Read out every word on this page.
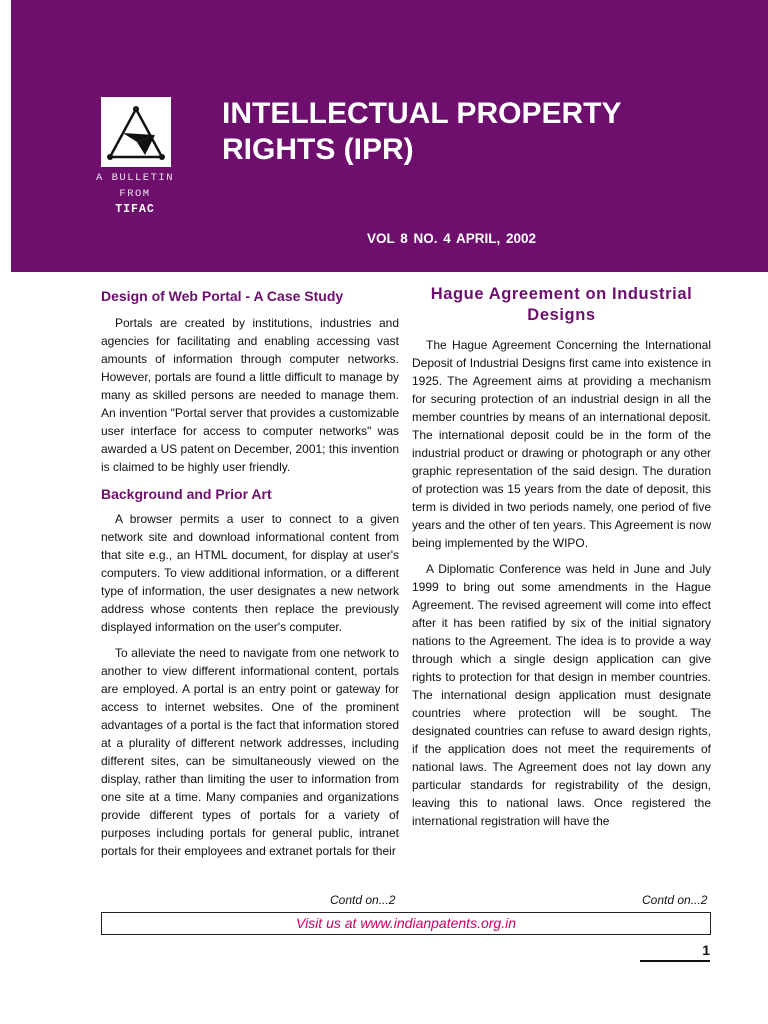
A BULLETIN
FROM
TIFAC
INTELLECTUAL PROPERTY RIGHTS (IPR)
VOL 8 NO. 4 APRIL, 2002
Design of Web Portal - A Case Study

Portals are created by institutions, industries and agencies for facilitating and enabling accessing vast amounts of information through computer networks. However, portals are found a little difficult to manage by many as skilled persons are needed to manage them. An invention "Portal server that provides a customizable user interface for access to computer networks" was awarded a US patent on December, 2001; this invention is claimed to be highly user friendly.

Background and Prior Art

A browser permits a user to connect to a given network site and download informational content from that site e.g., an HTML document, for display at user's computers. To view additional information, or a different type of information, the user designates a new network address whose contents then replace the previously displayed information on the user's computer.

To alleviate the need to navigate from one network to another to view different informational content, portals are employed. A portal is an entry point or gateway for access to internet websites. One of the prominent advantages of a portal is the fact that information stored at a plurality of different network addresses, including different sites, can be simultaneously viewed on the display, rather than limiting the user to information from one site at a time. Many companies and organizations provide different types of portals for a variety of purposes including portals for general public, intranet portals for their employees and extranet portals for their

Contd on...2
Hague Agreement on Industrial Designs

The Hague Agreement Concerning the International Deposit of Industrial Designs first came into existence in 1925. The Agreement aims at providing a mechanism for securing protection of an industrial design in all the member countries by means of an international deposit. The international deposit could be in the form of the industrial product or drawing or photograph or any other graphic representation of the said design. The duration of protection was 15 years from the date of deposit, this term is divided in two periods namely, one period of five years and the other of ten years. This Agreement is now being implemented by the WIPO.

A Diplomatic Conference was held in June and July 1999 to bring out some amendments in the Hague Agreement. The revised agreement will come into effect after it has been ratified by six of the initial signatory nations to the Agreement. The idea is to provide a way through which a single design application can give rights to protection for that design in member countries. The international design application must designate countries where protection will be sought. The designated countries can refuse to award design rights, if the application does not meet the requirements of national laws. The Agreement does not lay down any particular standards for registrability of the design, leaving this to national laws. Once registered the international registration will have the

Contd on...2
Visit us at www.indianpatents.org.in
1
